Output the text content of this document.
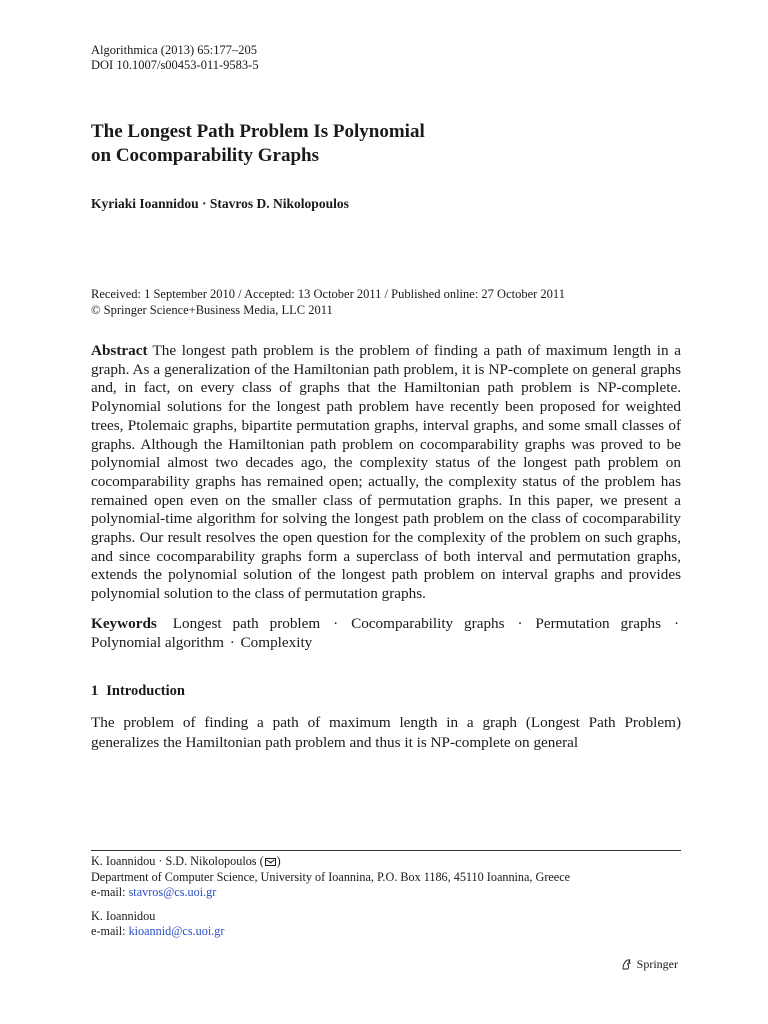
Algorithmica (2013) 65:177–205
DOI 10.1007/s00453-011-9583-5
The Longest Path Problem Is Polynomial
on Cocomparability Graphs
Kyriaki Ioannidou · Stavros D. Nikolopoulos
Received: 1 September 2010 / Accepted: 13 October 2011 / Published online: 27 October 2011
© Springer Science+Business Media, LLC 2011
Abstract The longest path problem is the problem of finding a path of maximum length in a graph. As a generalization of the Hamiltonian path problem, it is NP-complete on general graphs and, in fact, on every class of graphs that the Hamiltonian path problem is NP-complete. Polynomial solutions for the longest path problem have recently been proposed for weighted trees, Ptolemaic graphs, bipartite permutation graphs, interval graphs, and some small classes of graphs. Although the Hamiltonian path problem on cocomparability graphs was proved to be polynomial almost two decades ago, the complexity status of the longest path problem on cocomparability graphs has remained open; actually, the complexity status of the problem has remained open even on the smaller class of permutation graphs. In this paper, we present a polynomial-time algorithm for solving the longest path problem on the class of cocomparability graphs. Our result resolves the open question for the complexity of the problem on such graphs, and since cocomparability graphs form a superclass of both interval and permutation graphs, extends the polynomial solution of the longest path problem on interval graphs and provides polynomial solution to the class of permutation graphs.
Keywords Longest path problem · Cocomparability graphs · Permutation graphs · Polynomial algorithm · Complexity
1 Introduction
The problem of finding a path of maximum length in a graph (Longest Path Problem) generalizes the Hamiltonian path problem and thus it is NP-complete on general
K. Ioannidou · S.D. Nikolopoulos ( )
Department of Computer Science, University of Ioannina, P.O. Box 1186, 45110 Ioannina, Greece
e-mail: stavros@cs.uoi.gr
K. Ioannidou
e-mail: kioannid@cs.uoi.gr
Springer
